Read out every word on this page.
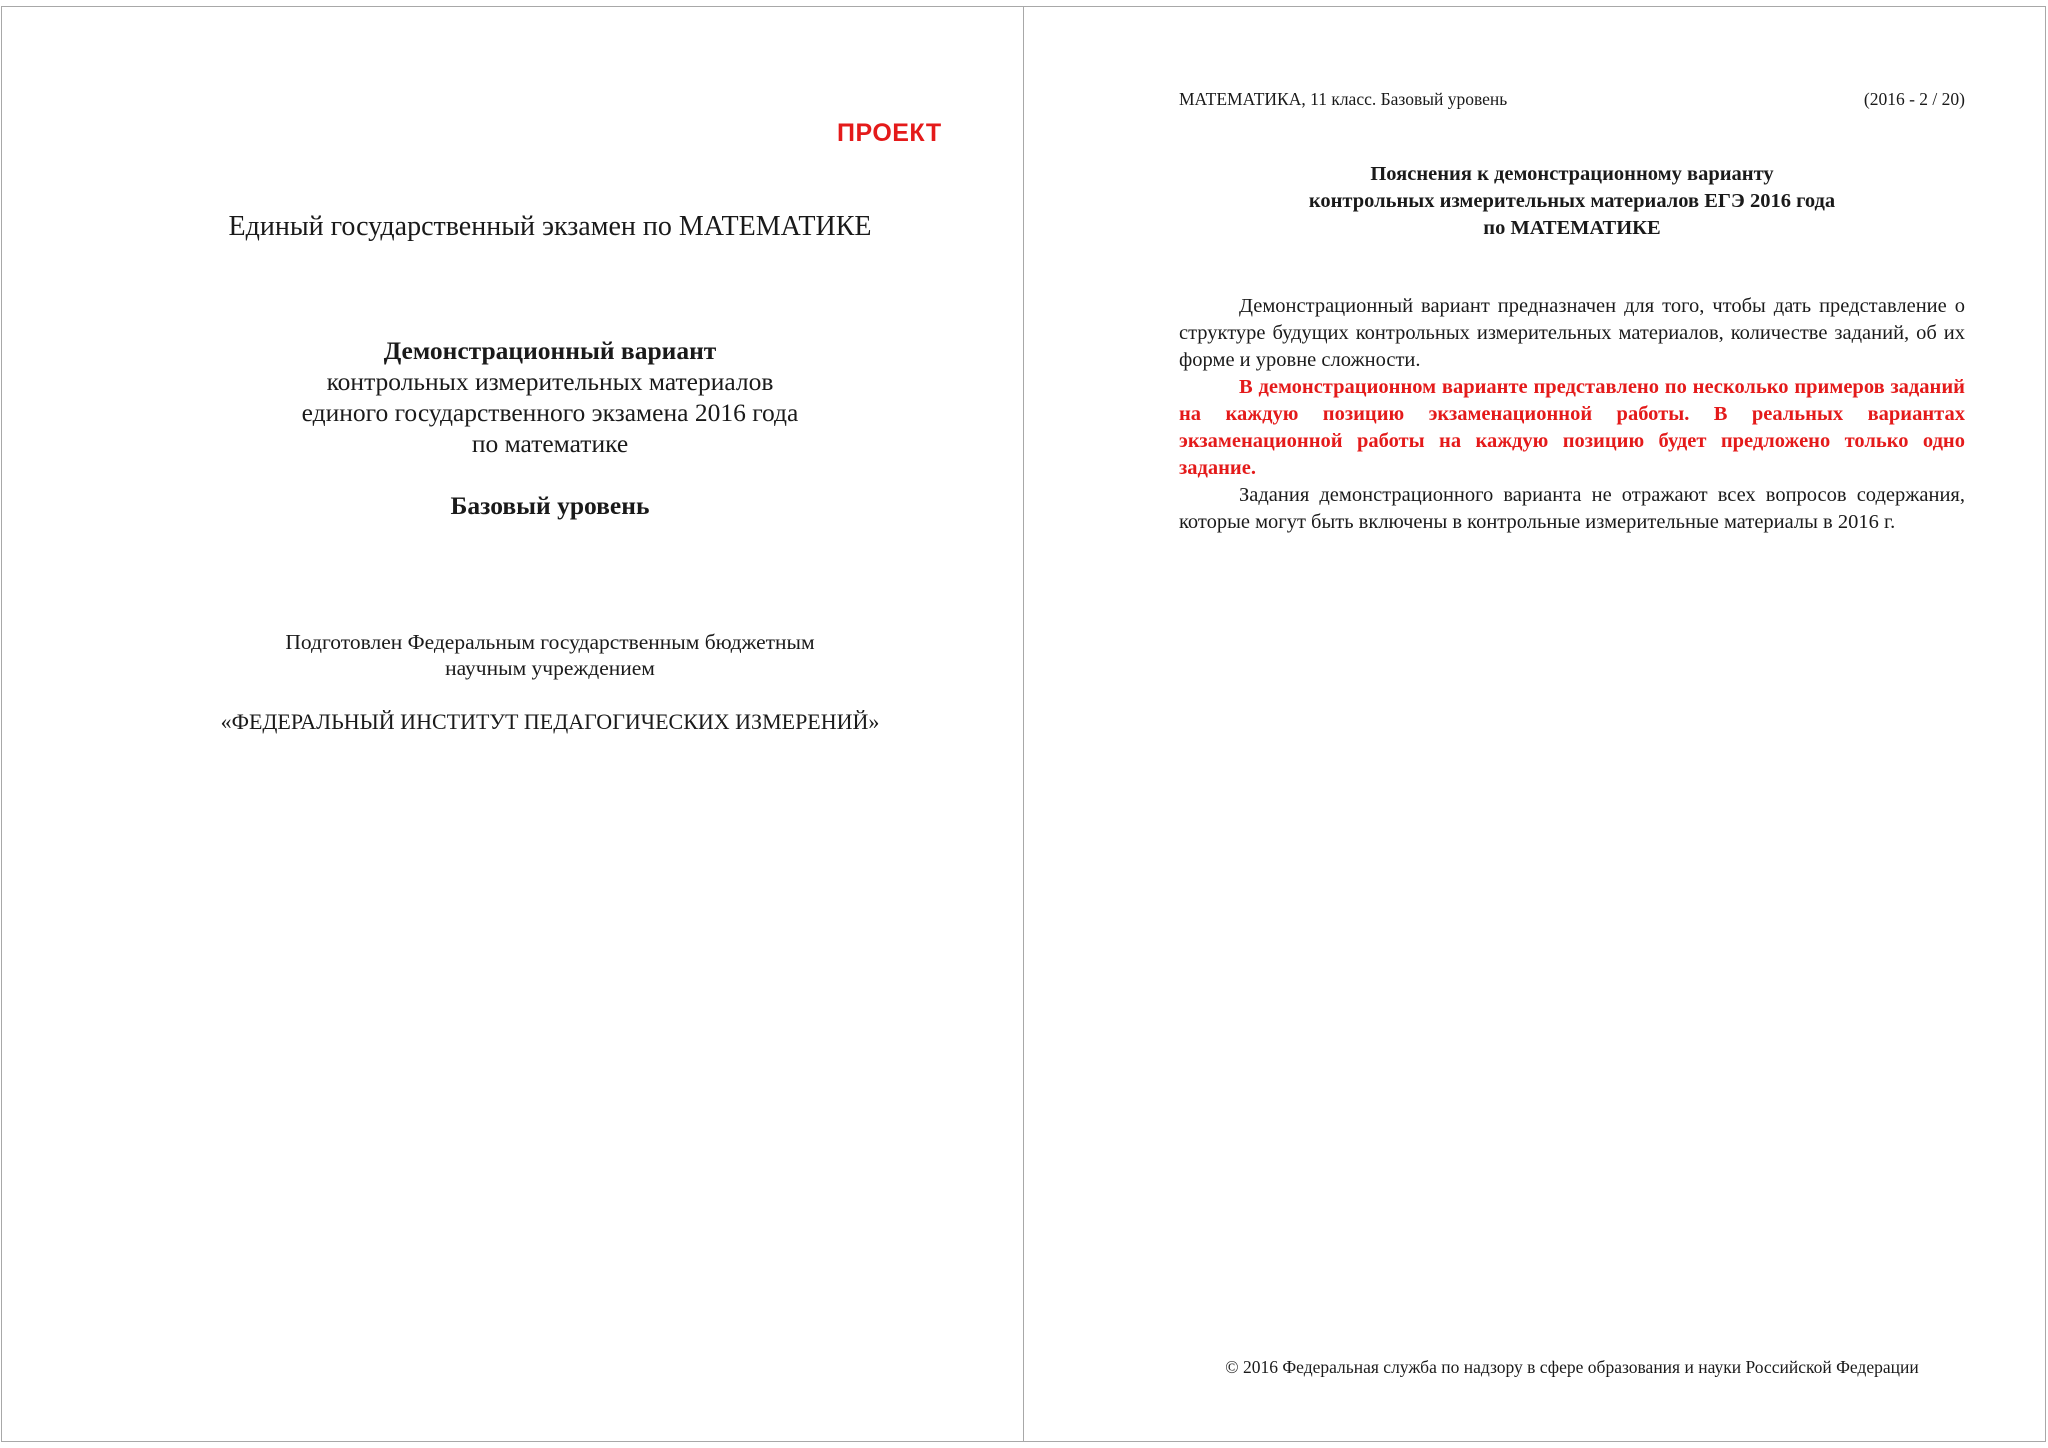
ПРОЕКТ
Единый государственный экзамен по МАТЕМАТИКЕ
Демонстрационный вариант
контрольных измерительных материалов
единого государственного экзамена 2016 года
по математике
Базовый уровень
Подготовлен Федеральным государственным бюджетным
научным учреждением
«ФЕДЕРАЛЬНЫЙ ИНСТИТУТ ПЕДАГОГИЧЕСКИХ ИЗМЕРЕНИЙ»
МАТЕМАТИКА, 11 класс. Базовый уровень	(2016 - 2 / 20)
Пояснения к демонстрационному варианту
контрольных измерительных материалов ЕГЭ 2016 года
по МАТЕМАТИКЕ

Демонстрационный вариант предназначен для того, чтобы дать представление о структуре будущих контрольных измерительных материалов, количестве заданий, об их форме и уровне сложности.

В демонстрационном варианте представлено по несколько примеров заданий на каждую позицию экзаменационной работы. В реальных вариантах экзаменационной работы на каждую позицию будет предложено только одно задание.

Задания демонстрационного варианта не отражают всех вопросов содержания, которые могут быть включены в контрольные измерительные материалы в 2016 г.

© 2016 Федеральная служба по надзору в сфере образования и науки Российской Федерации
